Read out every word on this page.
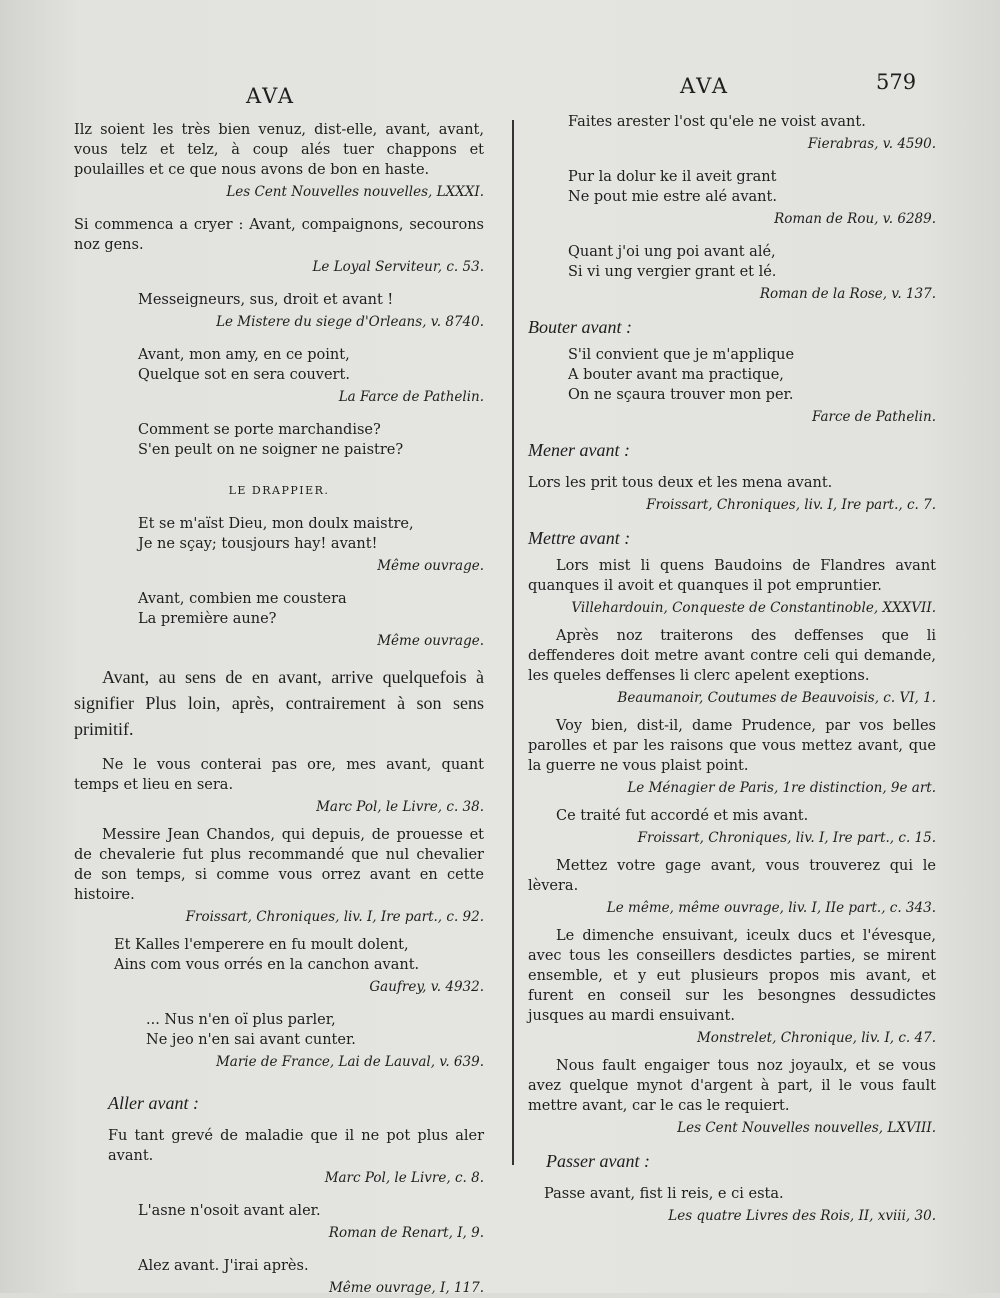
AVA	AVA	579

Ilz soient les très bien venuz, dist-elle, avant, avant, vous telz et telz, à coup alés tuer chappons et poulailles et ce que nous avons de bon en haste.

Les Cent Nouvelles nouvelles, LXXXI.

Si commenca a cryer : Avant, compaignons, secourons noz gens.

Le Loyal Serviteur, c. 53.

Messeigneurs, sus, droit et avant !

Le Mistere du siege d'Orleans, v. 8740.

Avant, mon amy, en ce point,
Quelque sot en sera couvert.

La Farce de Pathelin.

Comment se porte marchandise?
S'en peult on ne soigner ne paistre?

LE DRAPPIER.

Et se m'aïst Dieu, mon doulx maistre,
Je ne sçay; tousjours hay! avant!

Même ouvrage.

Avant, combien me coustera
La première aune?

Même ouvrage.

Avant, au sens de en avant, arrive quelquefois à signifier Plus loin, après, contrairement à son sens primitif.

Ne le vous conterai pas ore, mes avant, quant temps et lieu en sera.

Marc Pol, le Livre, c. 38.

Messire Jean Chandos, qui depuis, de prouesse et de chevalerie fut plus recommandé que nul chevalier de son temps, si comme vous orrez avant en cette histoire.

Froissart, Chroniques, liv. I, Ire part., c. 92.

Et Kalles l'emperere en fu moult dolent,
Ains com vous orrés en la canchon avant.

Gaufrey, v. 4932.

... Nus n'en oï plus parler,
Ne jeo n'en sai avant cunter.

Marie de France, Lai de Lauval, v. 639.

Aller avant :

Fu tant grevé de maladie que il ne pot plus aler avant.

Marc Pol, le Livre, c. 8.

L'asne n'osoit avant aler.

Roman de Renart, I, 9.

Alez avant. J'irai après.

Même ouvrage, I, 117.

Faites arester l'ost qu'ele ne voist avant.

Fierabras, v. 4590.

Pur la dolur ke il aveit grant
Ne pout mie estre alé avant.

Roman de Rou, v. 6289.

Quant j'oi ung poi avant alé,
Si vi ung vergier grant et lé.

Roman de la Rose, v. 137.

Bouter avant :

S'il convient que je m'applique
A bouter avant ma practique,
On ne sçaura trouver mon per.

Farce de Pathelin.

Mener avant :

Lors les prit tous deux et les mena avant.

Froissart, Chroniques, liv. I, Ire part., c. 7.

Mettre avant :

Lors mist li quens Baudoins de Flandres avant quanques il avoit et quanques il pot empruntier.

Villehardouin, Conqueste de Constantinoble, XXXVII.

Après noz traiterons des deffenses que li deffenderes doit metre avant contre celi qui demande, les queles deffenses li clerc apelent exeptions.

Beaumanoir, Coutumes de Beauvoisis, c. VI, 1.

Voy bien, dist-il, dame Prudence, par vos belles parolles et par les raisons que vous mettez avant, que la guerre ne vous plaist point.

Le Ménagier de Paris, 1re distinction, 9e art.

Ce traité fut accordé et mis avant.

Froissart, Chroniques, liv. I, Ire part., c. 15.

Mettez votre gage avant, vous trouverez qui le lèvera.

Le même, même ouvrage, liv. I, IIe part., c. 343.

Le dimenche ensuivant, iceulx ducs et l'évesque, avec tous les conseillers desdictes parties, se mirent ensemble, et y eut plusieurs propos mis avant, et furent en conseil sur les besongnes dessudictes jusques au mardi ensuivant.

Monstrelet, Chronique, liv. I, c. 47.

Nous fault engaiger tous noz joyaulx, et se vous avez quelque mynot d'argent à part, il le vous fault mettre avant, car le cas le requiert.

Les Cent Nouvelles nouvelles, LXVIII.

Passer avant :

Passe avant, fist li reis, e ci esta.

Les quatre Livres des Rois, II, xviii, 30.
